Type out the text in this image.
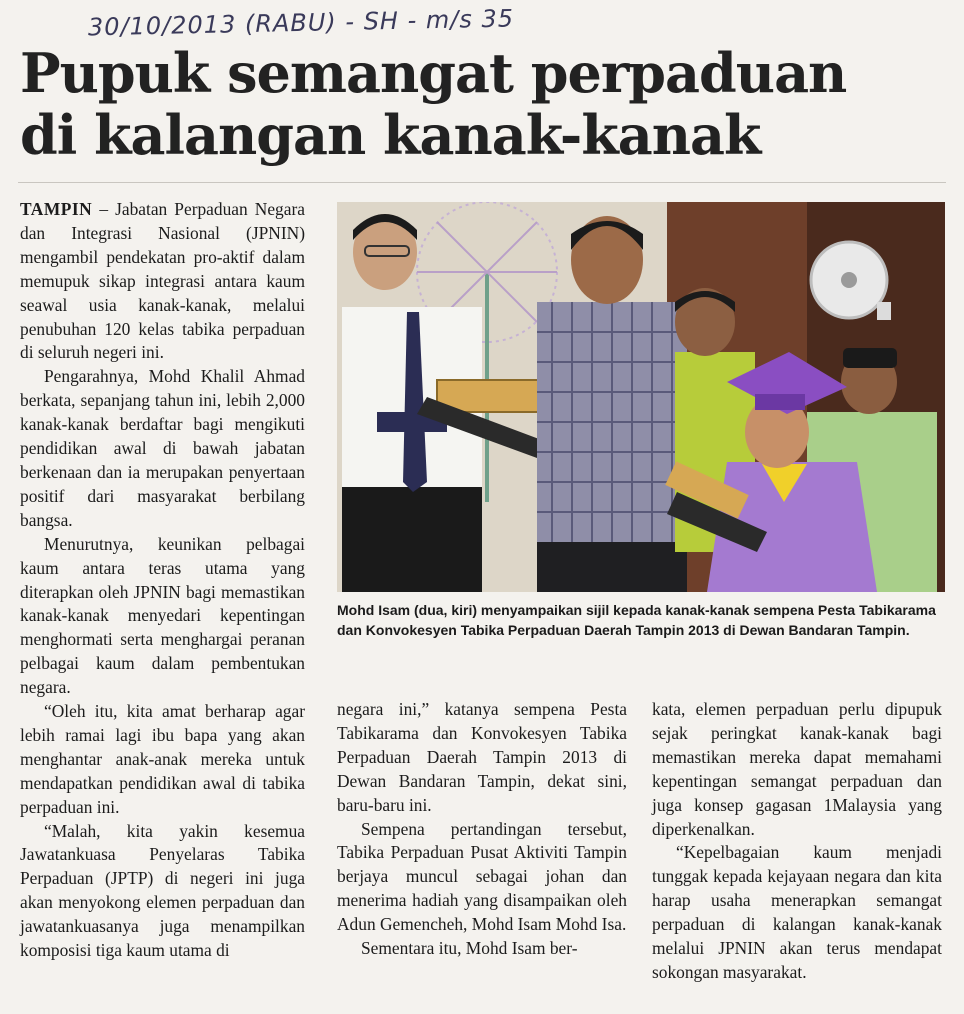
30/10/2013 (RABU) - SH - m/s 35
Pupuk semangat perpaduan
di kalangan kanak-kanak

TAMPIN – Jabatan Perpaduan Negara dan Integrasi Nasional (JPNIN) mengambil pendekatan pro-aktif dalam memupuk sikap integrasi antara kaum seawal usia kanak-kanak, melalui penubuhan 120 kelas tabika perpaduan di seluruh negeri ini.

Pengarahnya, Mohd Khalil Ahmad berkata, sepanjang tahun ini, lebih 2,000 kanak-kanak berdaftar bagi mengikuti pendidikan awal di bawah jabatan berkenaan dan ia merupakan penyertaan positif dari masyarakat berbilang bangsa.

Menurutnya, keunikan pelbagai kaum antara teras utama yang diterapkan oleh JPNIN bagi memastikan kanak-kanak menyedari kepentingan menghormati serta menghargai peranan pelbagai kaum dalam pembentukan negara.

“Oleh itu, kita amat berharap agar lebih ramai lagi ibu bapa yang akan menghantar anak-anak mereka untuk mendapatkan pendidikan awal di tabika perpaduan ini.

“Malah, kita yakin kesemua Jawatankuasa Penyelaras Tabika Perpaduan (JPTP) di negeri ini juga akan menyokong elemen perpaduan dan jawatankuasanya juga menampilkan komposisi tiga kaum utama di

Mohd Isam (dua, kiri) menyampaikan sijil kepada kanak-kanak sempena Pesta Tabikarama dan Konvokesyen Tabika Perpaduan Daerah Tampin 2013 di Dewan Bandaran Tampin.

negara ini,” katanya sempena Pesta Tabikarama dan Konvokesyen Tabika Perpaduan Daerah Tampin 2013 di Dewan Bandaran Tampin, dekat sini, baru-baru ini.

Sempena pertandingan tersebut, Tabika Perpaduan Pusat Aktiviti Tampin berjaya muncul sebagai johan dan menerima hadiah yang disampaikan oleh Adun Gemencheh, Mohd Isam Mohd Isa.

Sementara itu, Mohd Isam ber-

kata, elemen perpaduan perlu dipupuk sejak peringkat kanak-kanak bagi memastikan mereka dapat memahami kepentingan semangat perpaduan dan juga konsep gagasan 1Malaysia yang diperkenalkan.

“Kepelbagaian kaum menjadi tunggak kepada kejayaan negara dan kita harap usaha menerapkan semangat perpaduan di kalangan kanak-kanak melalui JPNIN akan terus mendapat sokongan masyarakat.
